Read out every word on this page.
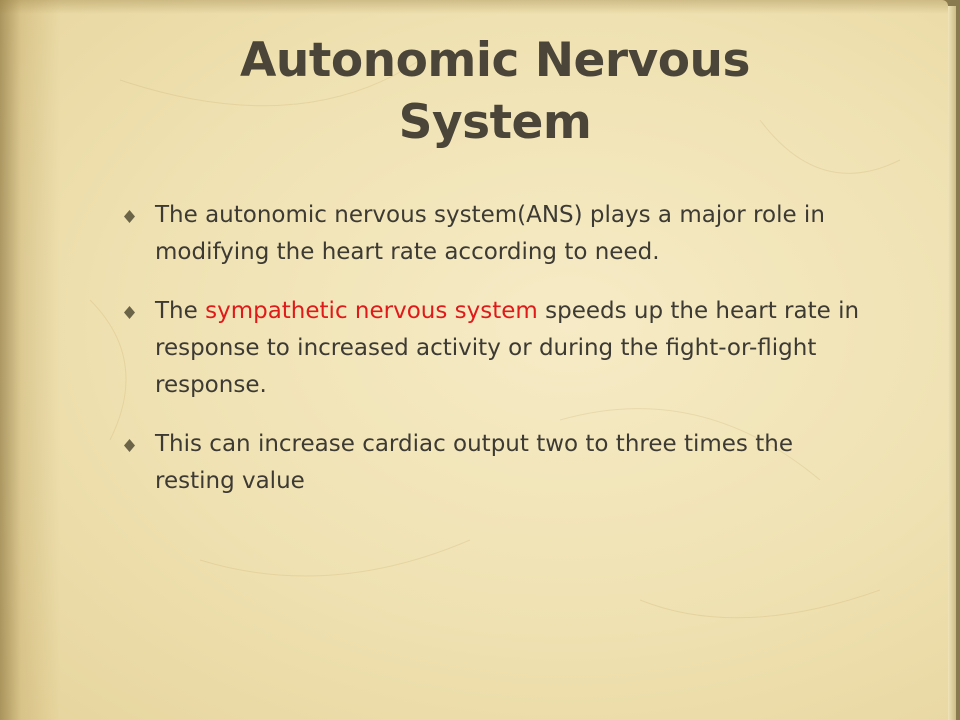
Autonomic Nervous System
The autonomic nervous system(ANS) plays a major role in modifying the heart rate according to need.
The sympathetic nervous system speeds up the heart rate in response to increased activity or during the fight-or-flight response.
This can increase cardiac output two to three times the resting value
